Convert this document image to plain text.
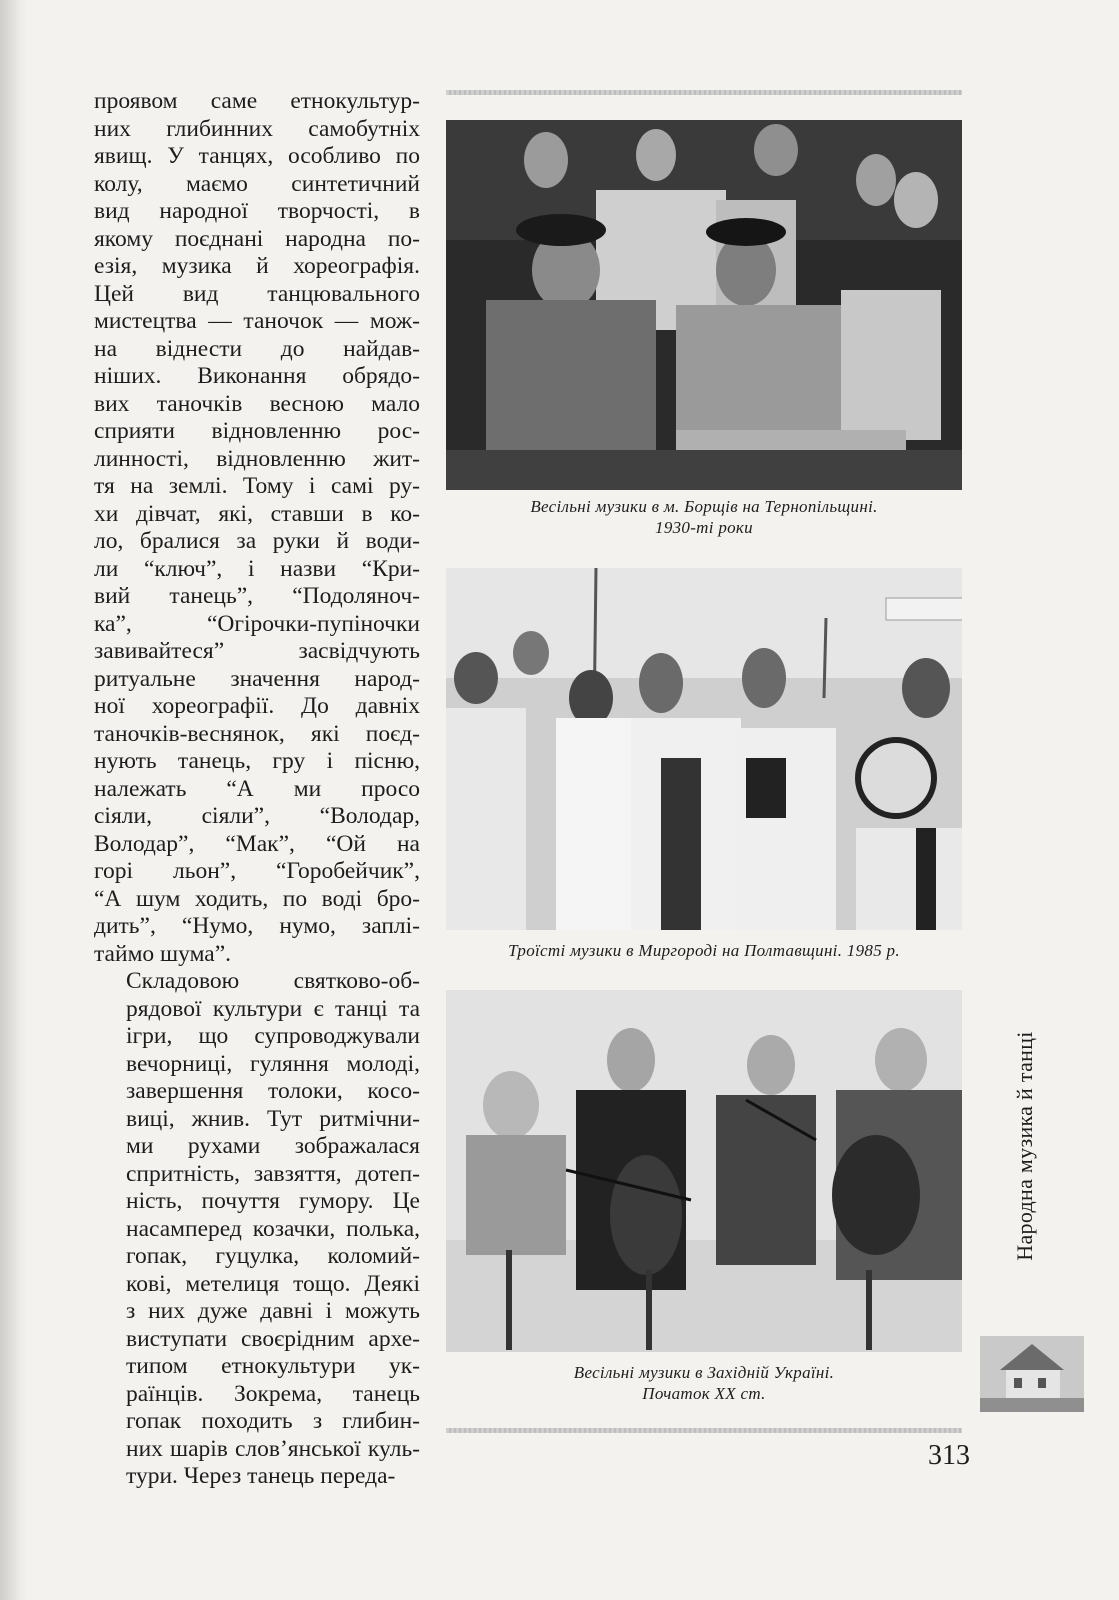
проявом саме етнокультур-
них глибинних самобутніх
явищ. У танцях, особливо по
колу, маємо синтетичний
вид народної творчості, в
якому поєднані народна по-
езія, музика й хореографія.
Цей вид танцювального
мистецтва — таночок — мож-
на віднести до найдав-
ніших. Виконання обрядо-
вих таночків весною мало
сприяти відновленню рос-
линності, відновленню жит-
тя на землі. Тому і самі ру-
хи дівчат, які, ставши в ко-
ло, бралися за руки й води-
ли “ключ”, і назви “Кри-
вий танець”, “Подоляноч-
ка”, “Огірочки-пупіночки
завивайтеся” засвідчують
ритуальне значення народ-
ної хореографії. До давніх
таночків-веснянок, які поєд-
нують танець, гру і пісню,
належать “А ми просо
сіяли, сіяли”, “Володар,
Володар”, “Мак”, “Ой на
горі льон”, “Горобейчик”,
“А шум ходить, по воді бро-
дить”, “Нумо, нумо, заплі-
таймо шума”.

Складовою святково-об-
рядової культури є танці та
ігри, що супроводжували
вечорниці, гуляння молоді,
завершення толоки, косо-
виці, жнив. Тут ритмічни-
ми рухами зображалася
спритність, завзяття, дотеп-
ність, почуття гумору. Це
насамперед козачки, полька,
гопак, гуцулка, коломий-
кові, метелиця тощо. Деякі
з них дуже давні і можуть
виступати своєрідним архе-
типом етнокультури ук-
раїнців. Зокрема, танець
гопак походить з глибин-
них шарів слов’янської куль-
тури. Через танець переда-

Весільні музики в м. Борщів на Тернопільщині.
1930-ті роки
Троїсті музики в Миргороді на Полтавщині. 1985 р.
Весільні музики в Західній Україні.
Початок XX ст.
Народна музика й танці
313
